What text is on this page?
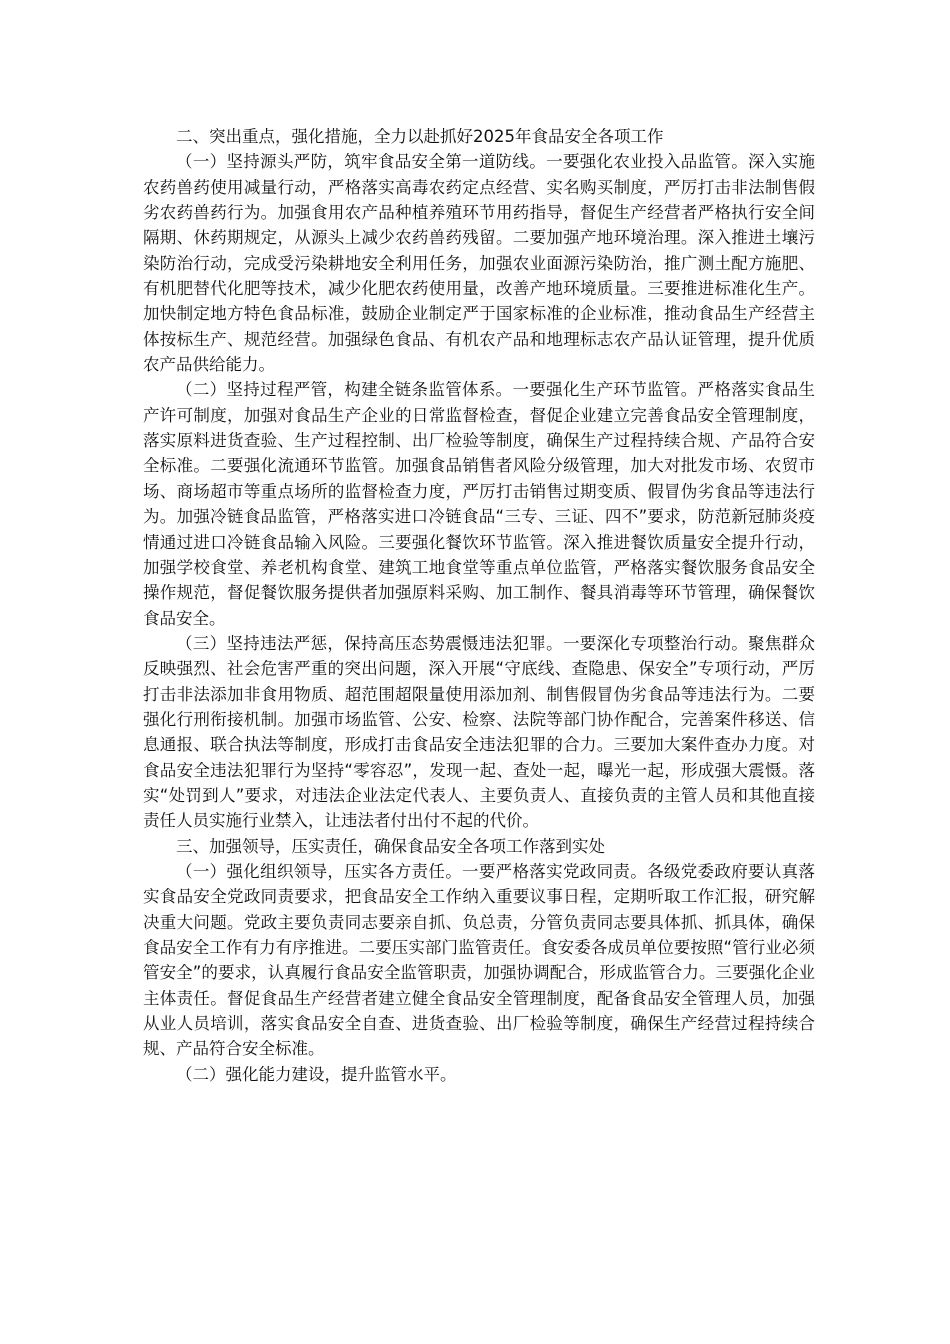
二、突出重点，强化措施，全力以赴抓好2025年食品安全各项工作

（一）坚持源头严防，筑牢食品安全第一道防线。一要强化农业投入品监管。深入实施农药兽药使用减量行动，严格落实高毒农药定点经营、实名购买制度，严厉打击非法制售假劣农药兽药行为。加强食用农产品种植养殖环节用药指导，督促生产经营者严格执行安全间隔期、休药期规定，从源头上减少农药兽药残留。二要加强产地环境治理。深入推进土壤污染防治行动，完成受污染耕地安全利用任务，加强农业面源污染防治，推广测土配方施肥、有机肥替代化肥等技术，减少化肥农药使用量，改善产地环境质量。三要推进标准化生产。加快制定地方特色食品标准，鼓励企业制定严于国家标准的企业标准，推动食品生产经营主体按标生产、规范经营。加强绿色食品、有机农产品和地理标志农产品认证管理，提升优质农产品供给能力。

（二）坚持过程严管，构建全链条监管体系。一要强化生产环节监管。严格落实食品生产许可制度，加强对食品生产企业的日常监督检查，督促企业建立完善食品安全管理制度，落实原料进货查验、生产过程控制、出厂检验等制度，确保生产过程持续合规、产品符合安全标准。二要强化流通环节监管。加强食品销售者风险分级管理，加大对批发市场、农贸市场、商场超市等重点场所的监督检查力度，严厉打击销售过期变质、假冒伪劣食品等违法行为。加强冷链食品监管，严格落实进口冷链食品“三专、三证、四不”要求，防范新冠肺炎疫情通过进口冷链食品输入风险。三要强化餐饮环节监管。深入推进餐饮质量安全提升行动，加强学校食堂、养老机构食堂、建筑工地食堂等重点单位监管，严格落实餐饮服务食品安全操作规范，督促餐饮服务提供者加强原料采购、加工制作、餐具消毒等环节管理，确保餐饮食品安全。

（三）坚持违法严惩，保持高压态势震慑违法犯罪。一要深化专项整治行动。聚焦群众反映强烈、社会危害严重的突出问题，深入开展“守底线、查隐患、保安全”专项行动，严厉打击非法添加非食用物质、超范围超限量使用添加剂、制售假冒伪劣食品等违法行为。二要强化行刑衔接机制。加强市场监管、公安、检察、法院等部门协作配合，完善案件移送、信息通报、联合执法等制度，形成打击食品安全违法犯罪的合力。三要加大案件查办力度。对食品安全违法犯罪行为坚持“零容忍”，发现一起、查处一起，曝光一起，形成强大震慑。落实“处罚到人”要求，对违法企业法定代表人、主要负责人、直接负责的主管人员和其他直接责任人员实施行业禁入，让违法者付出付不起的代价。

三、加强领导，压实责任，确保食品安全各项工作落到实处

（一）强化组织领导，压实各方责任。一要严格落实党政同责。各级党委政府要认真落实食品安全党政同责要求，把食品安全工作纳入重要议事日程，定期听取工作汇报，研究解决重大问题。党政主要负责同志要亲自抓、负总责，分管负责同志要具体抓、抓具体，确保食品安全工作有力有序推进。二要压实部门监管责任。食安委各成员单位要按照“管行业必须管安全”的要求，认真履行食品安全监管职责，加强协调配合，形成监管合力。三要强化企业主体责任。督促食品生产经营者建立健全食品安全管理制度，配备食品安全管理人员，加强从业人员培训，落实食品安全自查、进货查验、出厂检验等制度，确保生产经营过程持续合规、产品符合安全标准。

（二）强化能力建设，提升监管水平。
